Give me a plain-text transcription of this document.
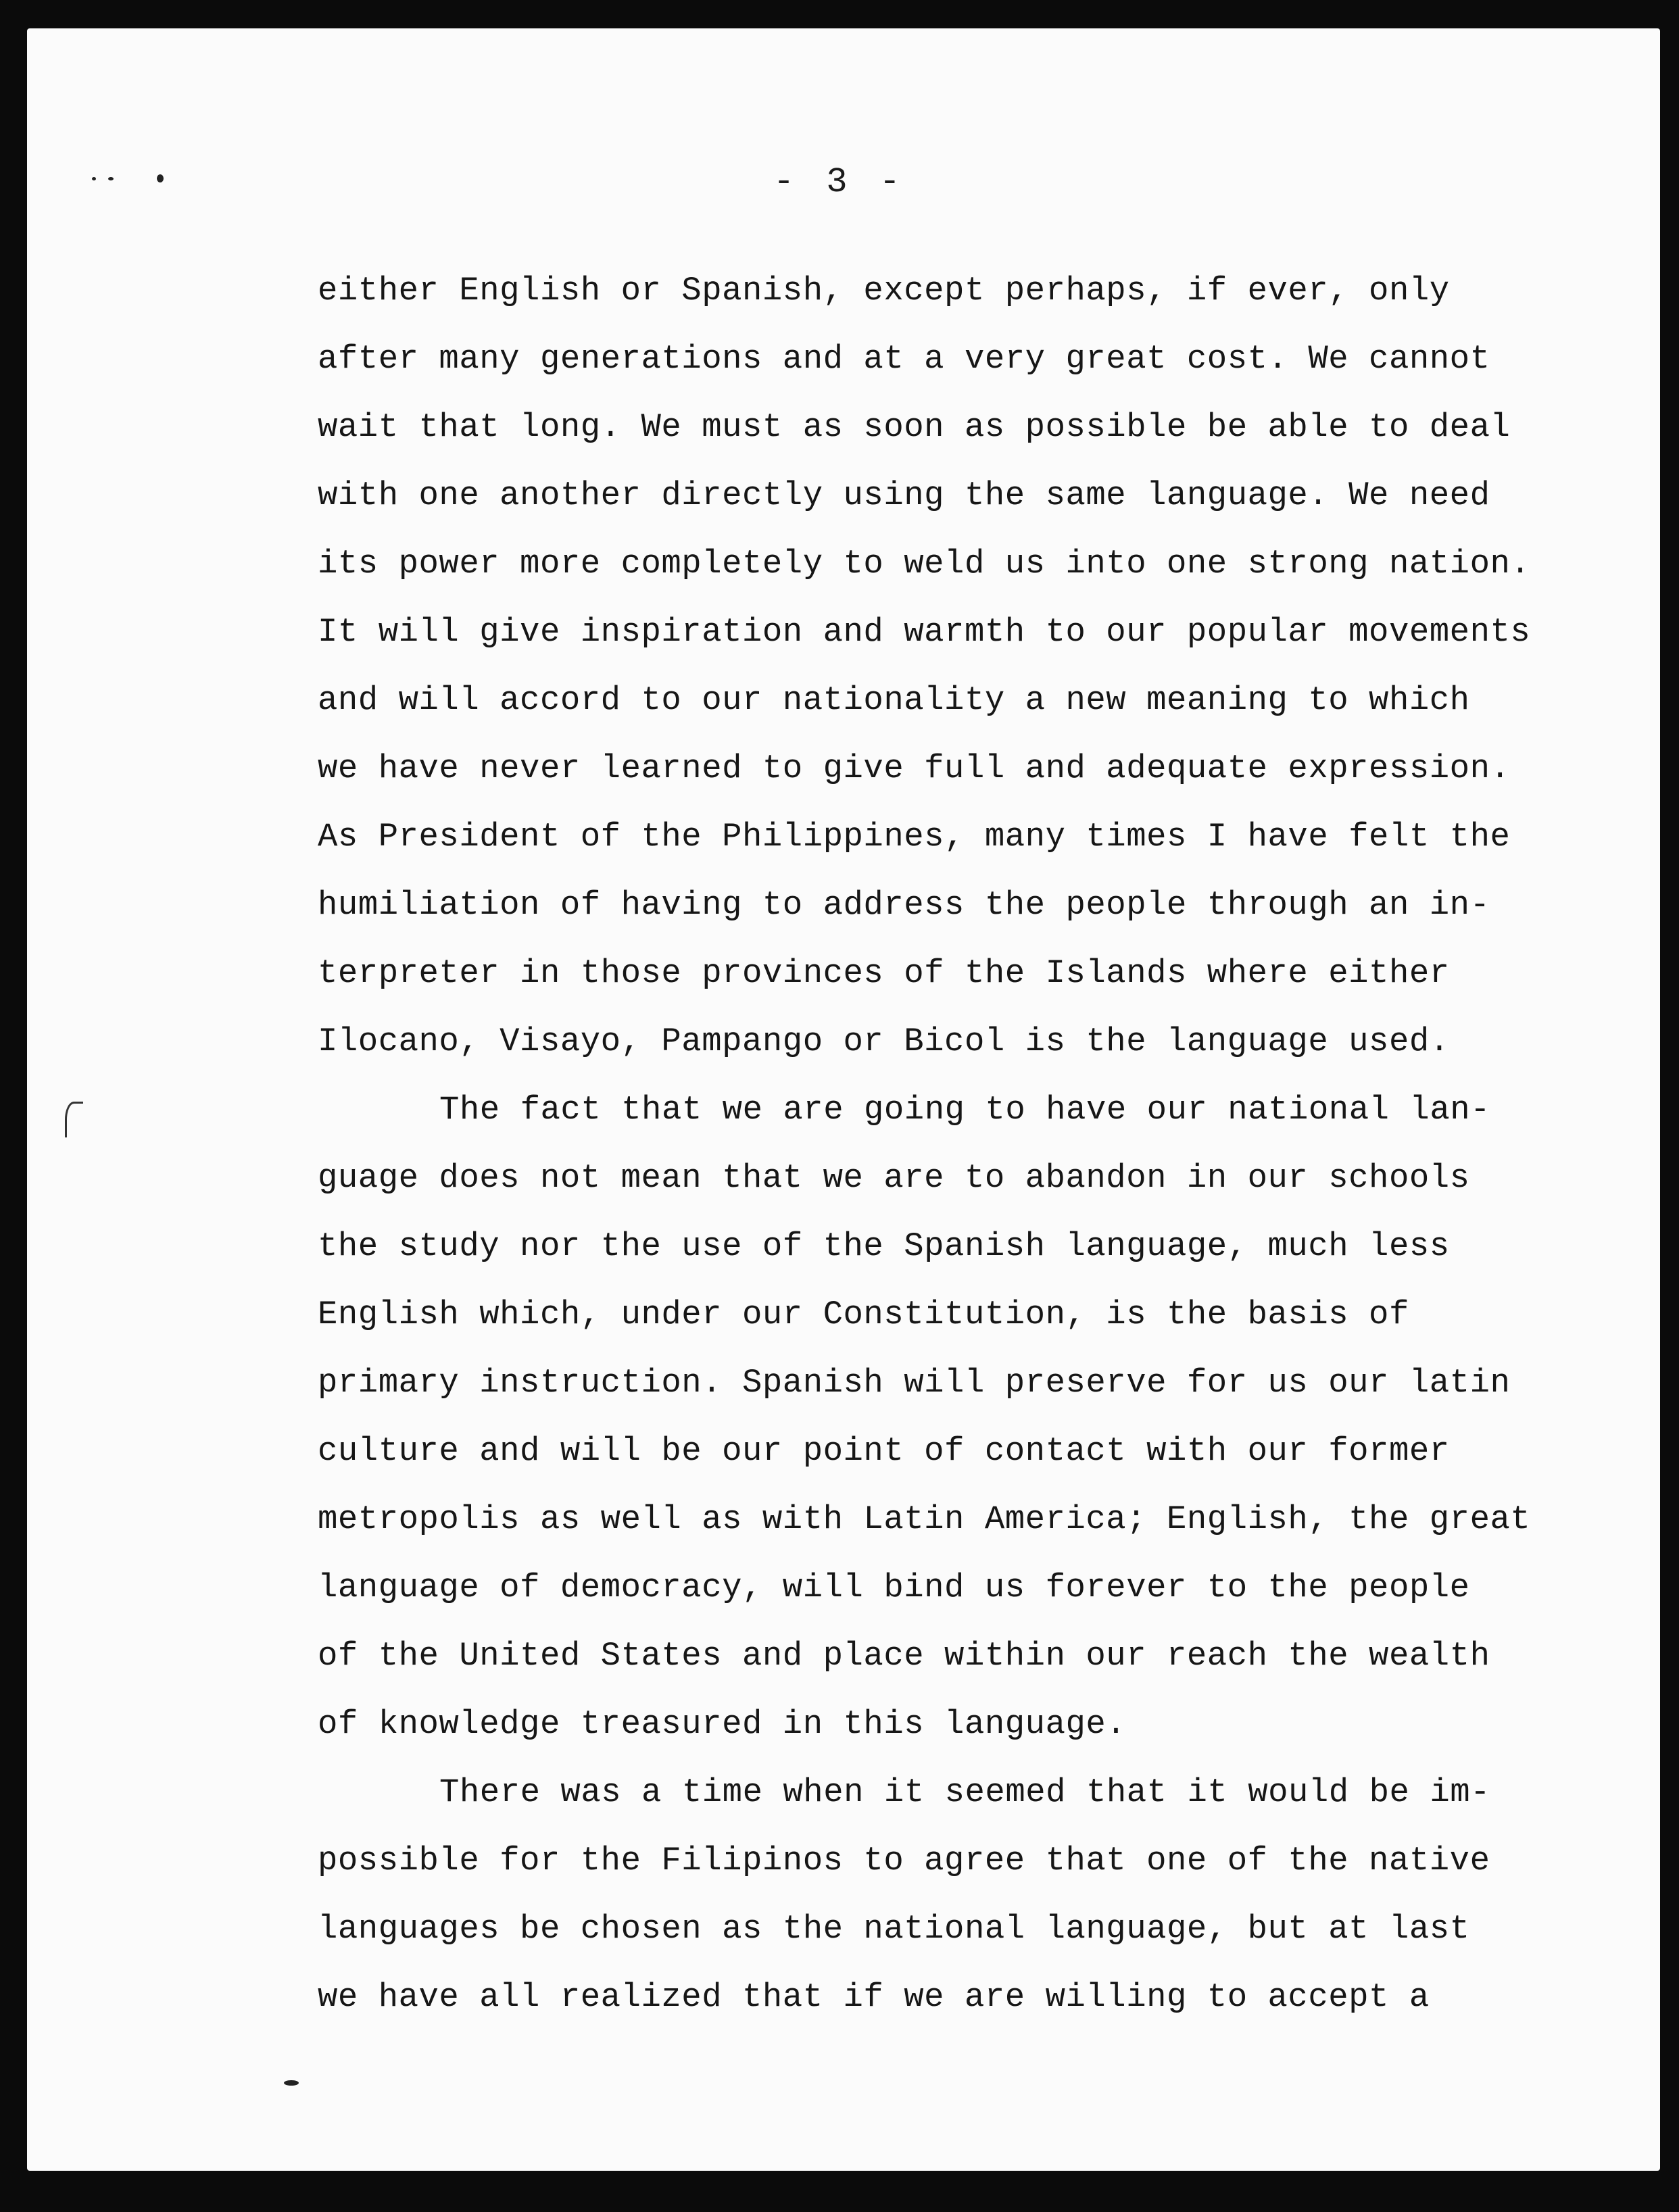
- 3 -
either English or Spanish, except perhaps, if ever, only
after many generations and at a very great cost. We cannot
wait that long. We must as soon as possible be able to deal
with one another directly using the same language. We need
its power more completely to weld us into one strong nation.
It will give inspiration and warmth to our popular movements
and will accord to our nationality a new meaning to which
we have never learned to give full and adequate expression.
As President of the Philippines, many times I have felt the
humiliation of having to address the people through an in-
terpreter in those provinces of the Islands where either
Ilocano, Visayo, Pampango or Bicol is the language used.
The fact that we are going to have our national lan-
guage does not mean that we are to abandon in our schools
the study nor the use of the Spanish language, much less
English which, under our Constitution, is the basis of
primary instruction. Spanish will preserve for us our latin
culture and will be our point of contact with our former
metropolis as well as with Latin America; English, the great
language of democracy, will bind us forever to the people
of the United States and place within our reach the wealth
of knowledge treasured in this language.
There was a time when it seemed that it would be im-
possible for the Filipinos to agree that one of the native
languages be chosen as the national language, but at last
we have all realized that if we are willing to accept a
